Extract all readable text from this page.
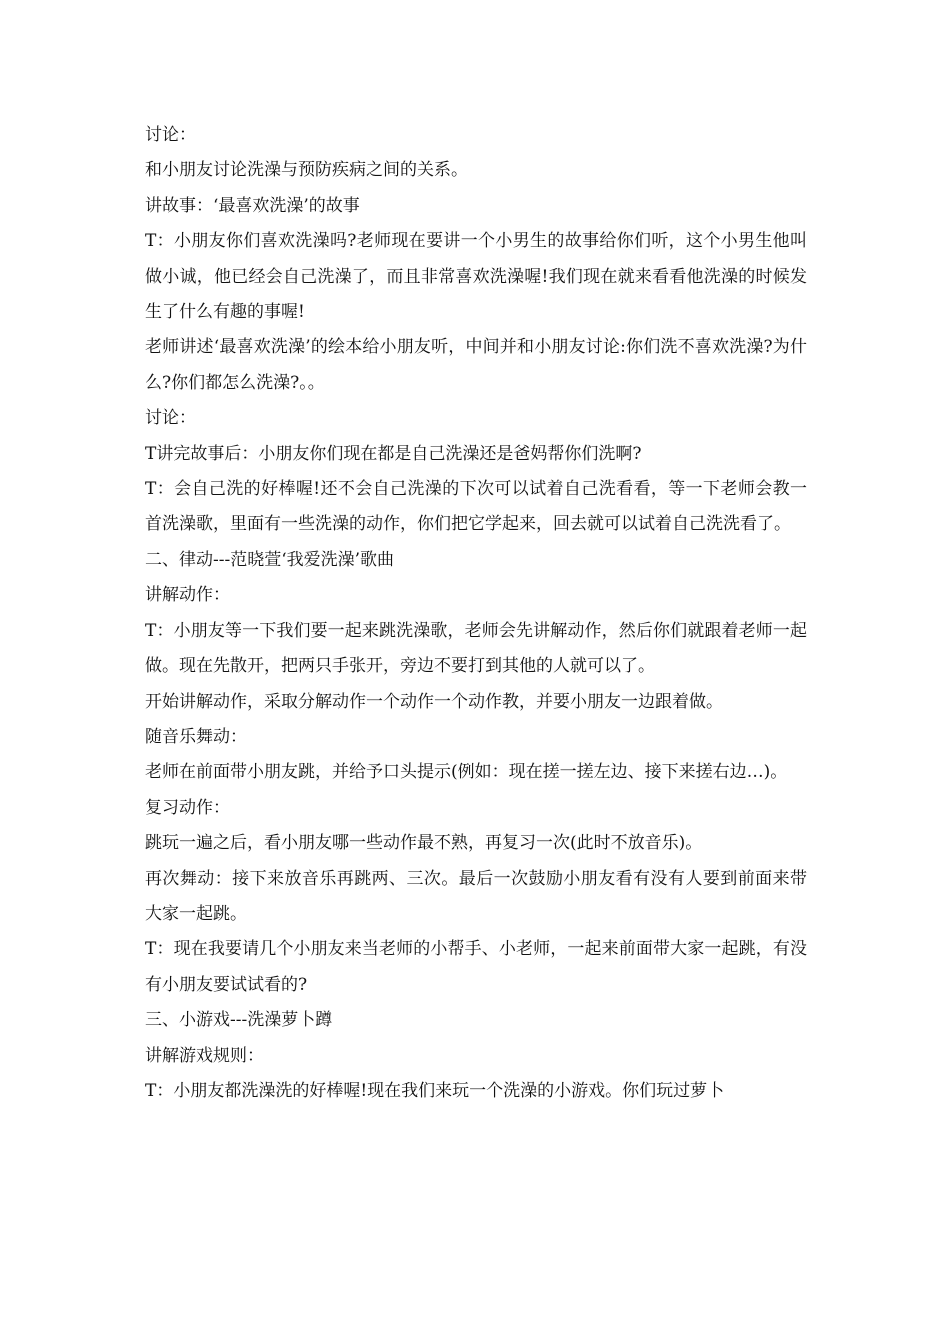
讨论：

和小朋友讨论洗澡与预防疾病之间的关系。

讲故事：‘最喜欢洗澡’的故事

T：小朋友你们喜欢洗澡吗?老师现在要讲一个小男生的故事给你们听，这个小男生他叫做小诚，他已经会自己洗澡了，而且非常喜欢洗澡喔!我们现在就来看看他洗澡的时候发生了什么有趣的事喔!

老师讲述‘最喜欢洗澡’的绘本给小朋友听，中间并和小朋友讨论:你们洗不喜欢洗澡?为什么?你们都怎么洗澡?。。

讨论：

T讲完故事后：小朋友你们现在都是自己洗澡还是爸妈帮你们洗啊?

T：会自己洗的好棒喔!还不会自己洗澡的下次可以试着自己洗看看，等一下老师会教一首洗澡歌，里面有一些洗澡的动作，你们把它学起来，回去就可以试着自己洗洗看了。

二、律动---范晓萱‘我爱洗澡’歌曲

讲解动作：

T：小朋友等一下我们要一起来跳洗澡歌，老师会先讲解动作，然后你们就跟着老师一起做。现在先散开，把两只手张开，旁边不要打到其他的人就可以了。

开始讲解动作，采取分解动作一个动作一个动作教，并要小朋友一边跟着做。

随音乐舞动：

老师在前面带小朋友跳，并给予口头提示(例如：现在搓一搓左边、接下来搓右边…)。

复习动作：

跳玩一遍之后，看小朋友哪一些动作最不熟，再复习一次(此时不放音乐)。

再次舞动：接下来放音乐再跳两、三次。最后一次鼓励小朋友看有没有人要到前面来带大家一起跳。

T：现在我要请几个小朋友来当老师的小帮手、小老师，一起来前面带大家一起跳，有没有小朋友要试试看的?

三、小游戏---洗澡萝卜蹲

讲解游戏规则：

T：小朋友都洗澡洗的好棒喔!现在我们来玩一个洗澡的小游戏。你们玩过萝卜
